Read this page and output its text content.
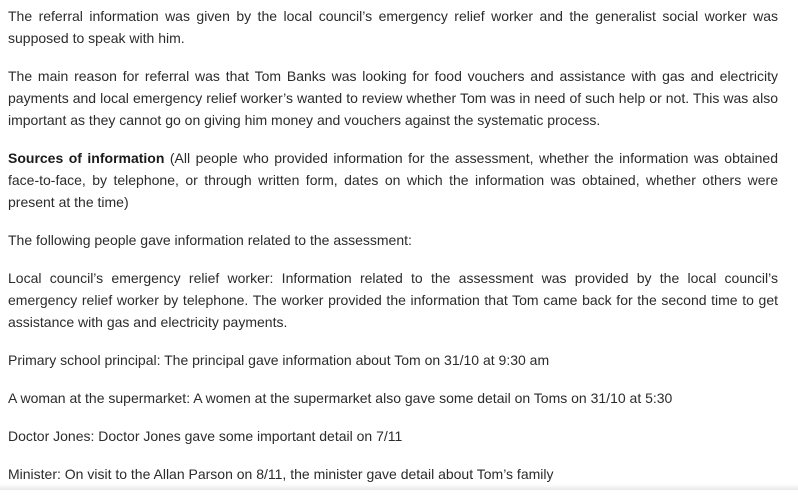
The referral information was given by the local council’s emergency relief worker and the generalist social worker was supposed to speak with him.

The main reason for referral was that Tom Banks was looking for food vouchers and assistance with gas and electricity payments and local emergency relief worker’s wanted to review whether Tom was in need of such help or not. This was also important as they cannot go on giving him money and vouchers against the systematic process.

Sources of information (All people who provided information for the assessment, whether the information was obtained face-to-face, by telephone, or through written form, dates on which the information was obtained, whether others were present at the time)

The following people gave information related to the assessment:

Local council’s emergency relief worker: Information related to the assessment was provided by the local council’s emergency relief worker by telephone. The worker provided the information that Tom came back for the second time to get assistance with gas and electricity payments.

Primary school principal: The principal gave information about Tom on 31/10 at 9:30 am

A woman at the supermarket: A women at the supermarket also gave some detail on Toms on 31/10 at 5:30

Doctor Jones: Doctor Jones gave some important detail on 7/11

Minister: On visit to the Allan Parson on 8/11, the minister gave detail about Tom’s family
